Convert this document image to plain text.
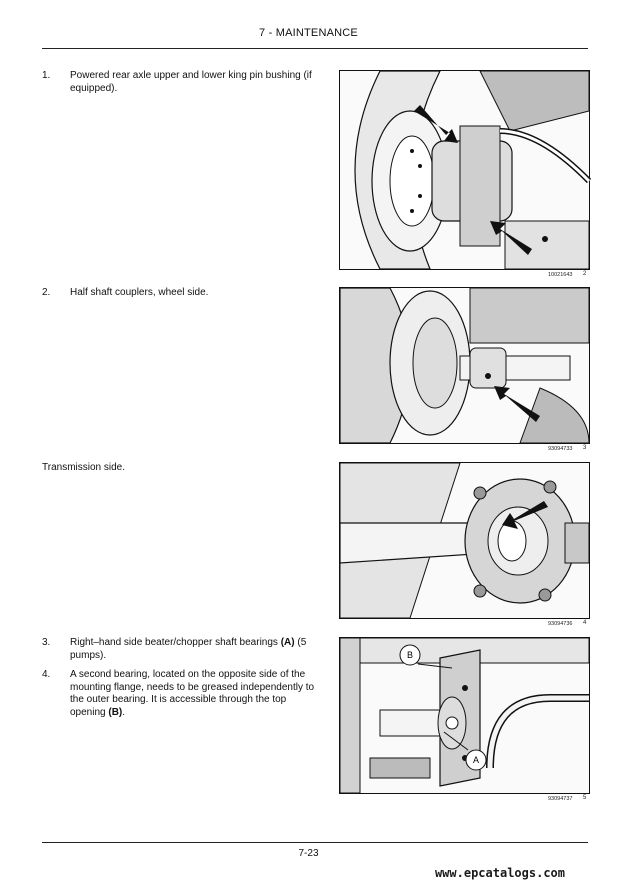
7 - MAINTENANCE
1.	Powered rear axle upper and lower king pin bushing (if equipped).
10021643 2
2.	Half shaft couplers, wheel side.
93094733 3
Transmission side.
93094736 4
3.	Right–hand side beater/chopper shaft bearings (A) (5 pumps).
4.	A second bearing, located on the opposite side of the mounting flange, needs to be greased independently to the outer bearing. It is accessible through the top opening (B).
B
A
93094737 5
7-23
www.epcatalogs.com
